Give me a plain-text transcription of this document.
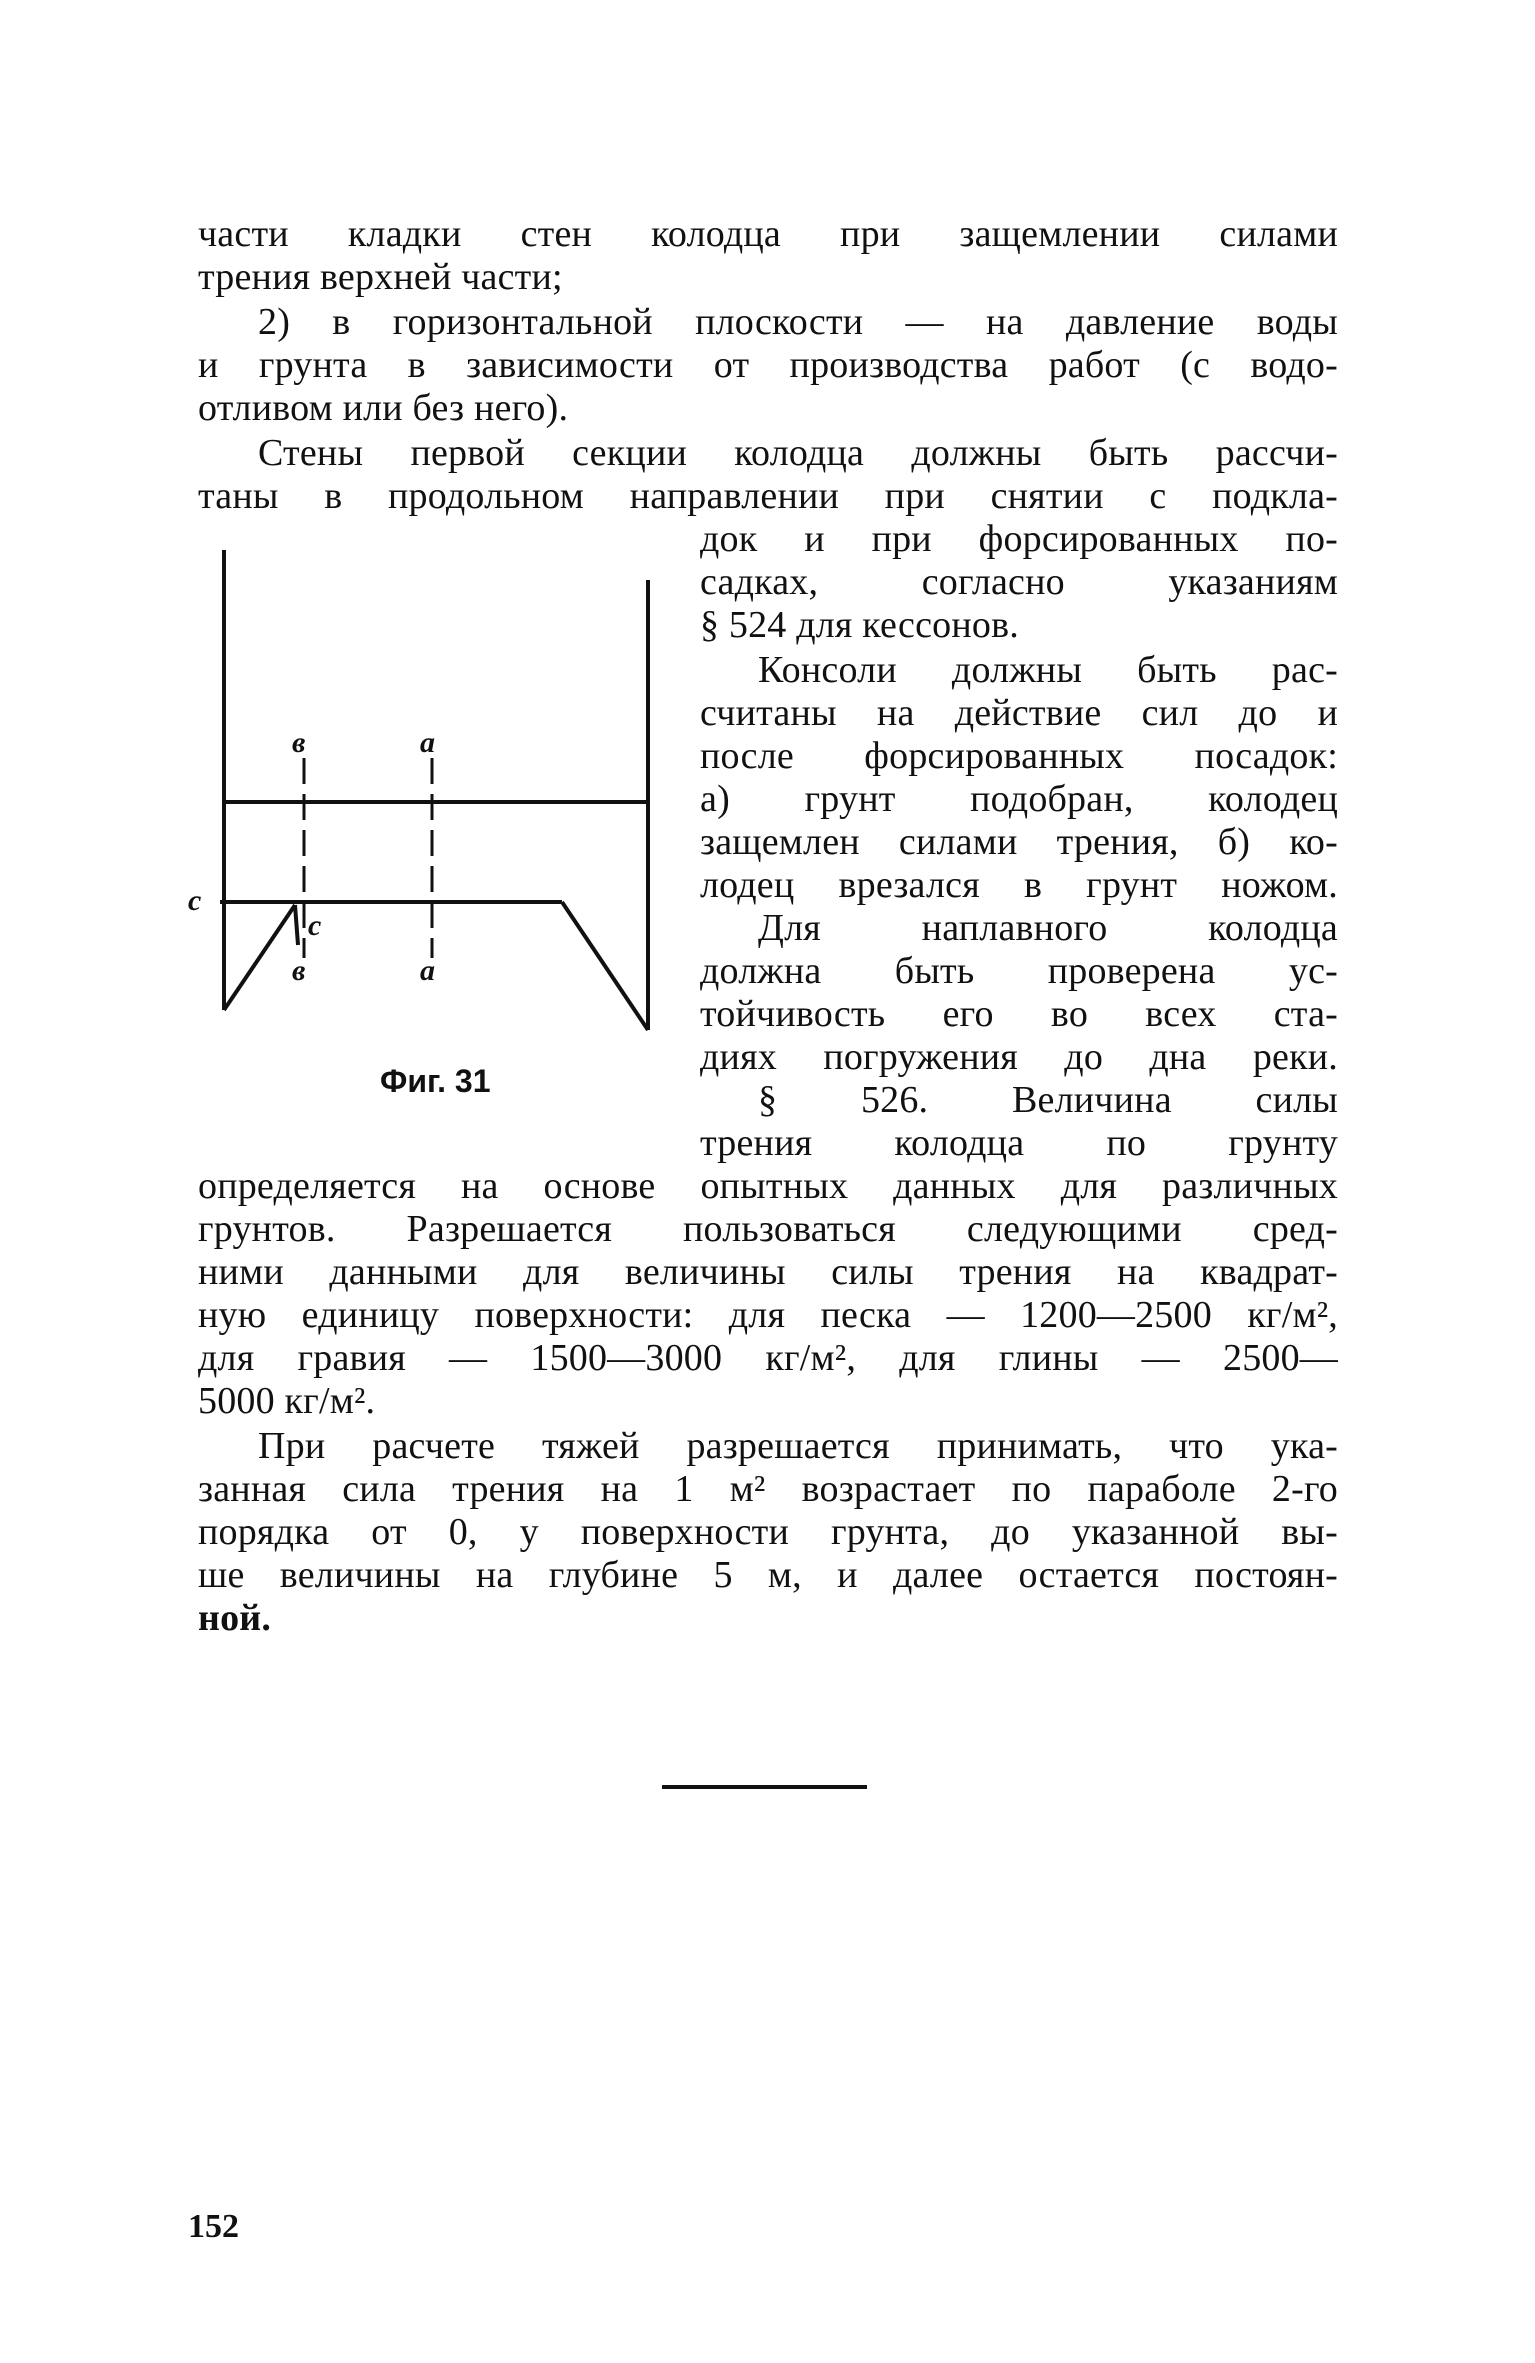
части кладки стен колодца при защемлении силами
трения верхней части;
2) в горизонтальной плоскости — на давление воды
и грунта в зависимости от производства работ (с водо-
отливом или без него).
Стены первой секции колодца должны быть рассчи-
таны в продольном направлении при снятии с подкла-
док и при форсированных по-
садках, согласно указаниям
§ 524 для кессонов.
Консоли должны быть рас-
считаны на действие сил до и
после форсированных посадок:
а) грунт подобран, колодец
защемлен силами трения, б) ко-
лодец врезался в грунт ножом.
Для наплавного колодца
должна быть проверена ус-
тойчивость его во всех ста-
диях погружения до дна реки.
§ 526. Величина силы
трения колодца по грунту
определяется на основе опытных данных для различных
грунтов. Разрешается пользоваться следующими сред-
ними данными для величины силы трения на квадрат-
ную единицу поверхности: для песка — 1200—2500 кг/м²,
для гравия — 1500—3000 кг/м², для глины — 2500—
5000 кг/м².
При расчете тяжей разрешается принимать, что ука-
занная сила трения на 1 м² возрастает по параболе 2-го
порядка от 0, у поверхности грунта, до указанной вы-
ше величины на глубине 5 м, и далее остается постоян-
ной.
в	а
с
с
в	а
Фиг. 31
152
